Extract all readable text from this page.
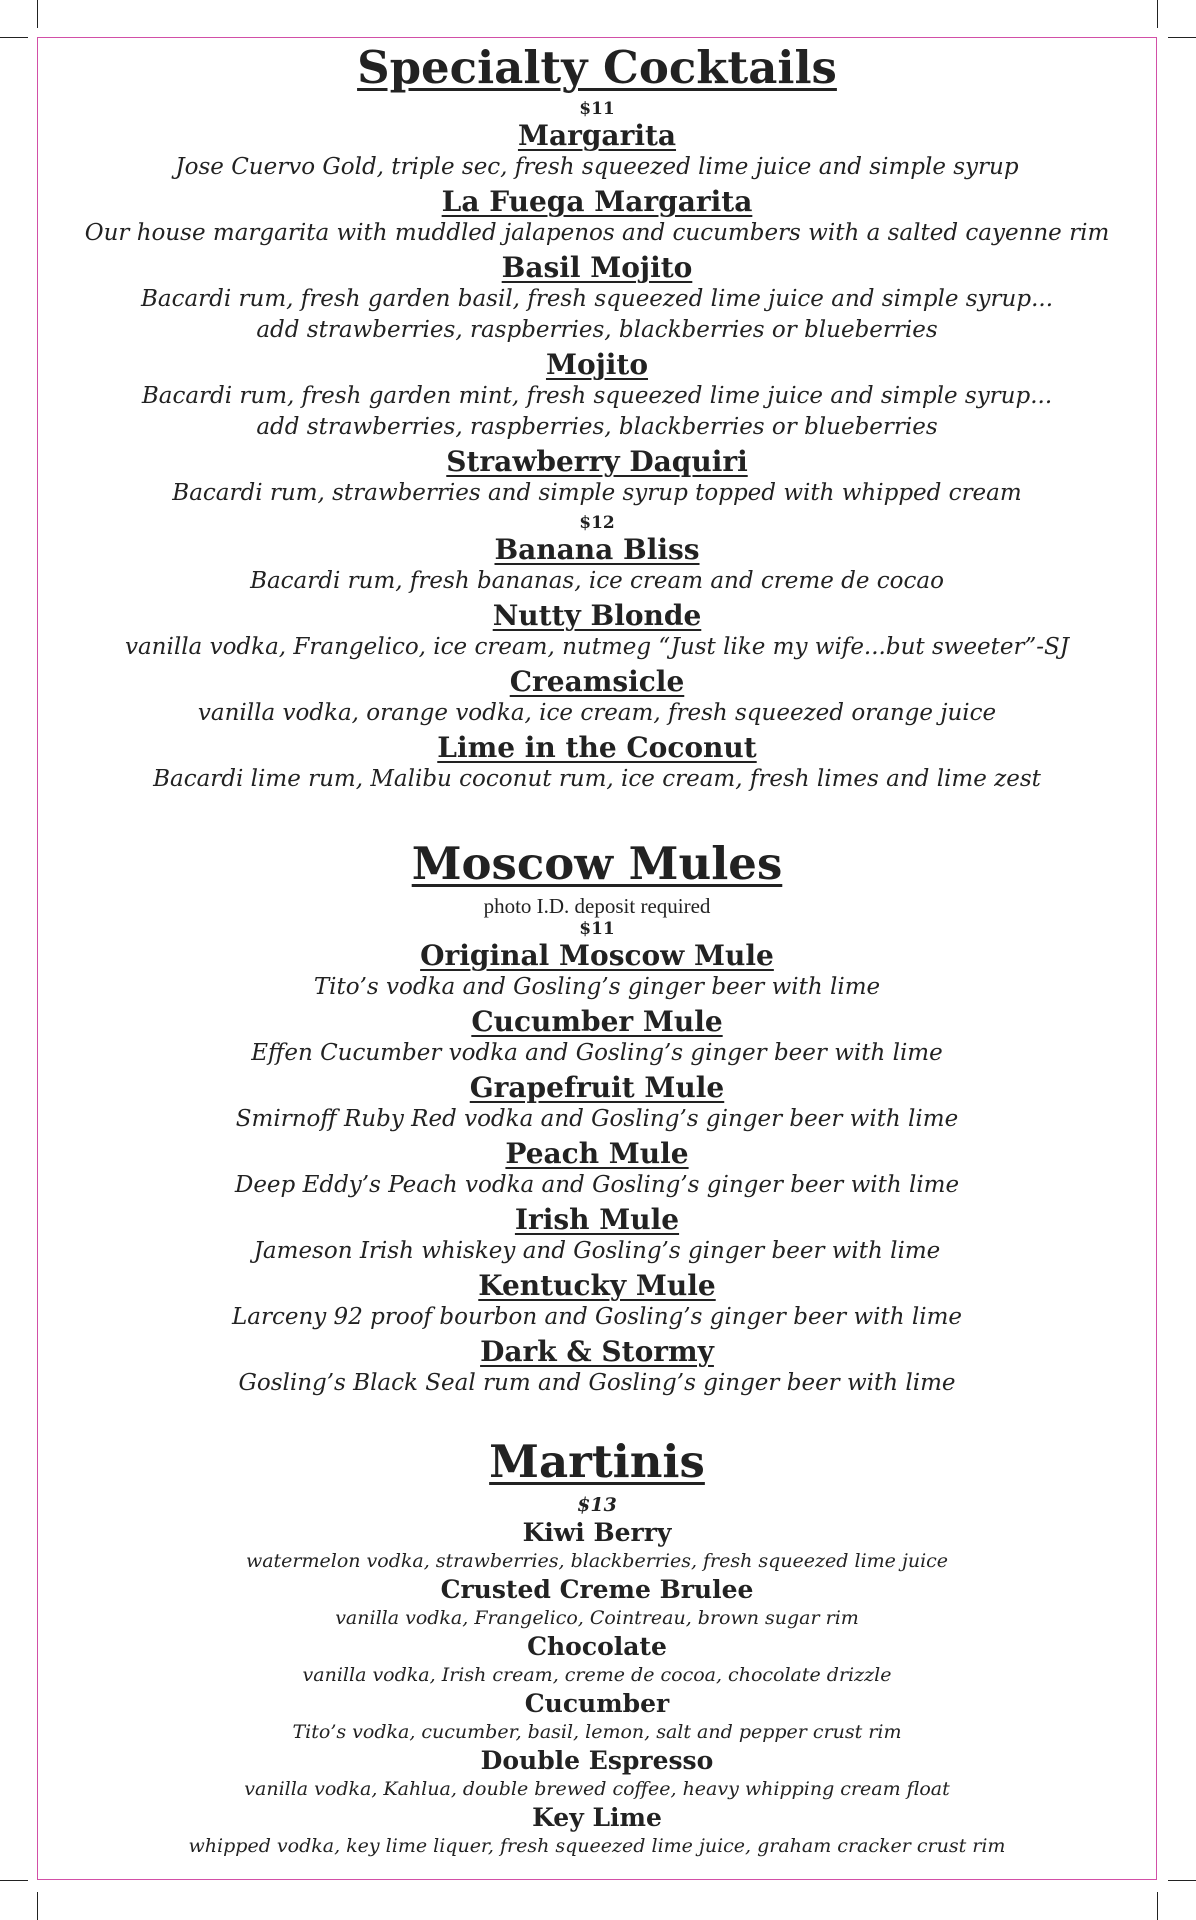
Specialty Cocktails

$11

Margarita

Jose Cuervo Gold, triple sec, fresh squeezed lime juice and simple syrup

La Fuega Margarita

Our house margarita with muddled jalapenos and cucumbers with a salted cayenne rim

Basil Mojito

Bacardi rum, fresh garden basil, fresh squeezed lime juice and simple syrup...

add strawberries, raspberries, blackberries or blueberries

Mojito

Bacardi rum, fresh garden mint, fresh squeezed lime juice and simple syrup...

add strawberries, raspberries, blackberries or blueberries

Strawberry Daquiri

Bacardi rum, strawberries and simple syrup topped with whipped cream

$12

Banana Bliss

Bacardi rum, fresh bananas, ice cream and creme de cocao

Nutty Blonde

vanilla vodka, Frangelico, ice cream, nutmeg “Just like my wife...but sweeter”-SJ

Creamsicle

vanilla vodka, orange vodka, ice cream, fresh squeezed orange juice

Lime in the Coconut

Bacardi lime rum, Malibu coconut rum, ice cream, fresh limes and lime zest

Moscow Mules

photo I.D. deposit required

$11

Original Moscow Mule

Tito’s vodka and Gosling’s ginger beer with lime

Cucumber Mule

Effen Cucumber vodka and Gosling’s ginger beer with lime

Grapefruit Mule

Smirnoff Ruby Red vodka and Gosling’s ginger beer with lime

Peach Mule

Deep Eddy’s Peach vodka and Gosling’s ginger beer with lime

Irish Mule

Jameson Irish whiskey and Gosling’s ginger beer with lime

Kentucky Mule

Larceny 92 proof bourbon and Gosling’s ginger beer with lime

Dark & Stormy

Gosling’s Black Seal rum and Gosling’s ginger beer with lime

Martinis

$13

Kiwi Berry

watermelon vodka, strawberries, blackberries, fresh squeezed lime juice

Crusted Creme Brulee

vanilla vodka, Frangelico, Cointreau, brown sugar rim

Chocolate

vanilla vodka, Irish cream, creme de cocoa, chocolate drizzle

Cucumber

Tito’s vodka, cucumber, basil, lemon, salt and pepper crust rim

Double Espresso

vanilla vodka, Kahlua, double brewed coffee, heavy whipping cream float

Key Lime

whipped vodka, key lime liquer, fresh squeezed lime juice, graham cracker crust rim
